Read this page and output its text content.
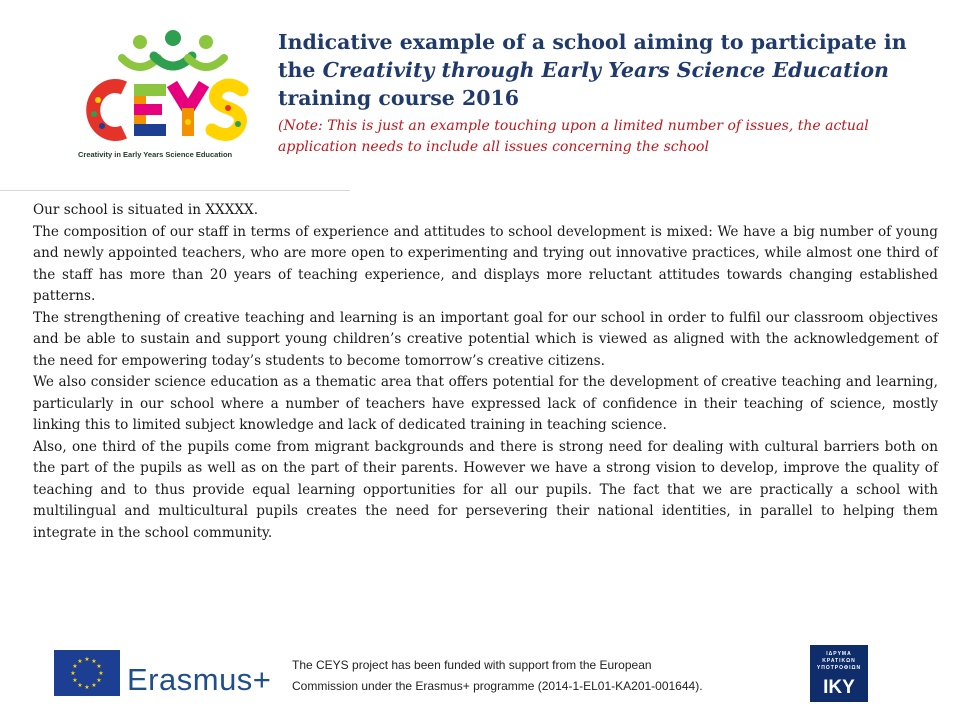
Creativity in Early Years Science Education
Indicative example of a school aiming to participate in the Creativity through Early Years Science Education training course 2016

(Note: This is just an example touching upon a limited number of issues, the actual application needs to include all issues concerning the school

Our school is situated in XXXXX.

The composition of our staff in terms of experience and attitudes to school development is mixed: We have a big number of young and newly appointed teachers, who are more open to experimenting and trying out innovative practices, while almost one third of the staff has more than 20 years of teaching experience, and displays more reluctant attitudes towards changing established patterns.

The strengthening of creative teaching and learning is an important goal for our school in order to fulfil our classroom objectives and be able to sustain and support young children’s creative potential which is viewed as aligned with the acknowledgement of the need for empowering today’s students to become tomorrow’s creative citizens.

We also consider science education as a thematic area that offers potential for the development of creative teaching and learning, particularly in our school where a number of teachers have expressed lack of confidence in their teaching of science, mostly linking this to limited subject knowledge and lack of dedicated training in teaching science.

Also, one third of the pupils come from migrant backgrounds and there is strong need for dealing with cultural barriers both on the part of the pupils as well as on the part of their parents. However we have a strong vision to develop, improve the quality of teaching and to thus provide equal learning opportunities for all our pupils. The fact that we are practically a school with multilingual and multicultural pupils creates the need for persevering their national identities, in parallel to helping them integrate in the school community.

★ ★
★
★
★
★
★
★
★
★
★
★
Erasmus+ The CEYS project has been funded with support from the European
Commission under the Erasmus+ programme (2014-1-EL01-KA201-001644).
ΙΔΡΥΜΑ
ΚΡΑΤΙΚΩΝ
ΥΠΟΤΡΟΦΙΩΝ
IKY
